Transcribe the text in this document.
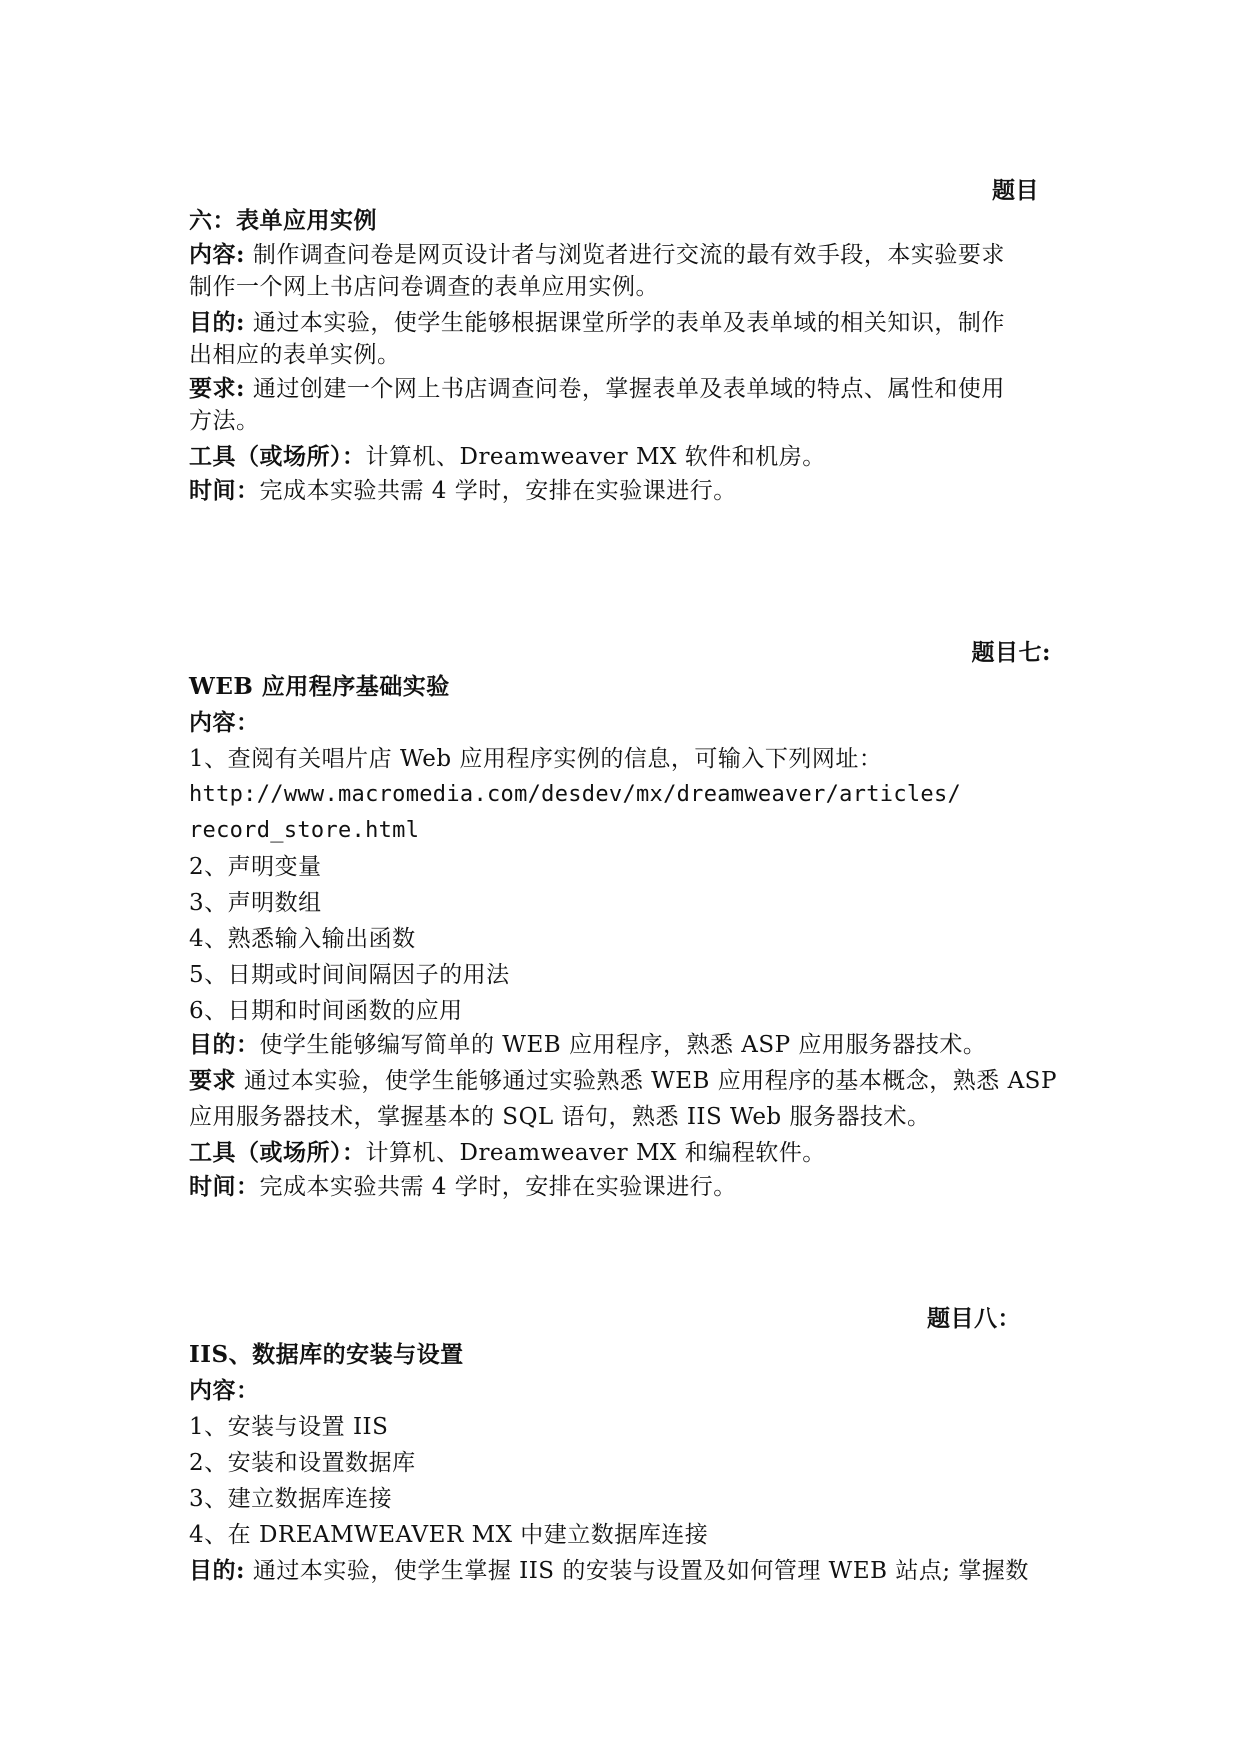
题目
六：表单应用实例
内容: 制作调查问卷是网页设计者与浏览者进行交流的最有效手段，本实验要求
制作一个网上书店问卷调查的表单应用实例。
目的: 通过本实验，使学生能够根据课堂所学的表单及表单域的相关知识，制作
出相应的表单实例。
要求: 通过创建一个网上书店调查问卷，掌握表单及表单域的特点、属性和使用
方法。
工具（或场所）：计算机、Dreamweaver MX 软件和机房。
时间：完成本实验共需 4 学时，安排在实验课进行。
题目七:
WEB 应用程序基础实验
内容：
1、查阅有关唱片店 Web 应用程序实例的信息，可输入下列网址：
http://www.macromedia.com/desdev/mx/dreamweaver/articles/
record_store.html
2、声明变量
3、声明数组
4、熟悉输入输出函数
5、日期或时间间隔因子的用法
6、日期和时间函数的应用
目的：使学生能够编写简单的 WEB 应用程序，熟悉 ASP 应用服务器技术。
要求 通过本实验，使学生能够通过实验熟悉 WEB 应用程序的基本概念，熟悉 ASP
应用服务器技术，掌握基本的 SQL 语句，熟悉 IIS Web 服务器技术。
工具（或场所）：计算机、Dreamweaver MX 和编程软件。
时间：完成本实验共需 4 学时，安排在实验课进行。
题目八：
IIS、数据库的安装与设置
内容：
1、安装与设置 IIS
2、安装和设置数据库
3、建立数据库连接
4、在 DREAMWEAVER MX 中建立数据库连接
目的: 通过本实验，使学生掌握 IIS 的安装与设置及如何管理 WEB 站点; 掌握数
